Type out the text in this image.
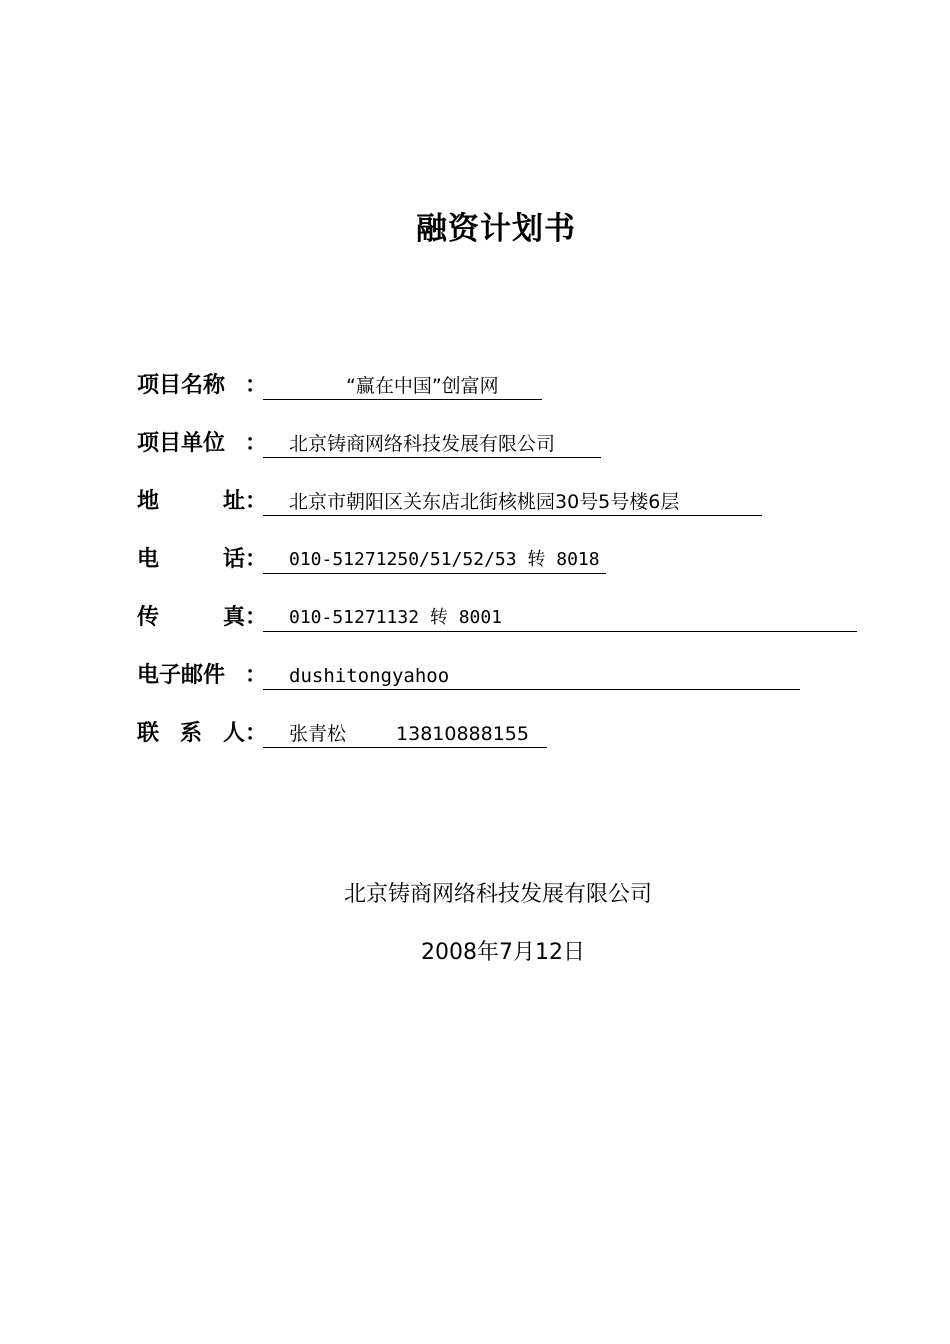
融资计划书
项目名称 ：	　　　“赢在中国”创富网
项目单位 ：	北京铸商网络科技发展有限公司
地	址 ：	北京市朝阳区关东店北街核桃园30号5号楼6层
电	话 ：	010-51271250/51/52/53 转 8018
传	真 ：	010-51271132 转 8001
电子邮件 ：	dushitongyahoo
联 系 人 ： 张青松	13810888155
北京铸商网络科技发展有限公司
2008年7月12日
